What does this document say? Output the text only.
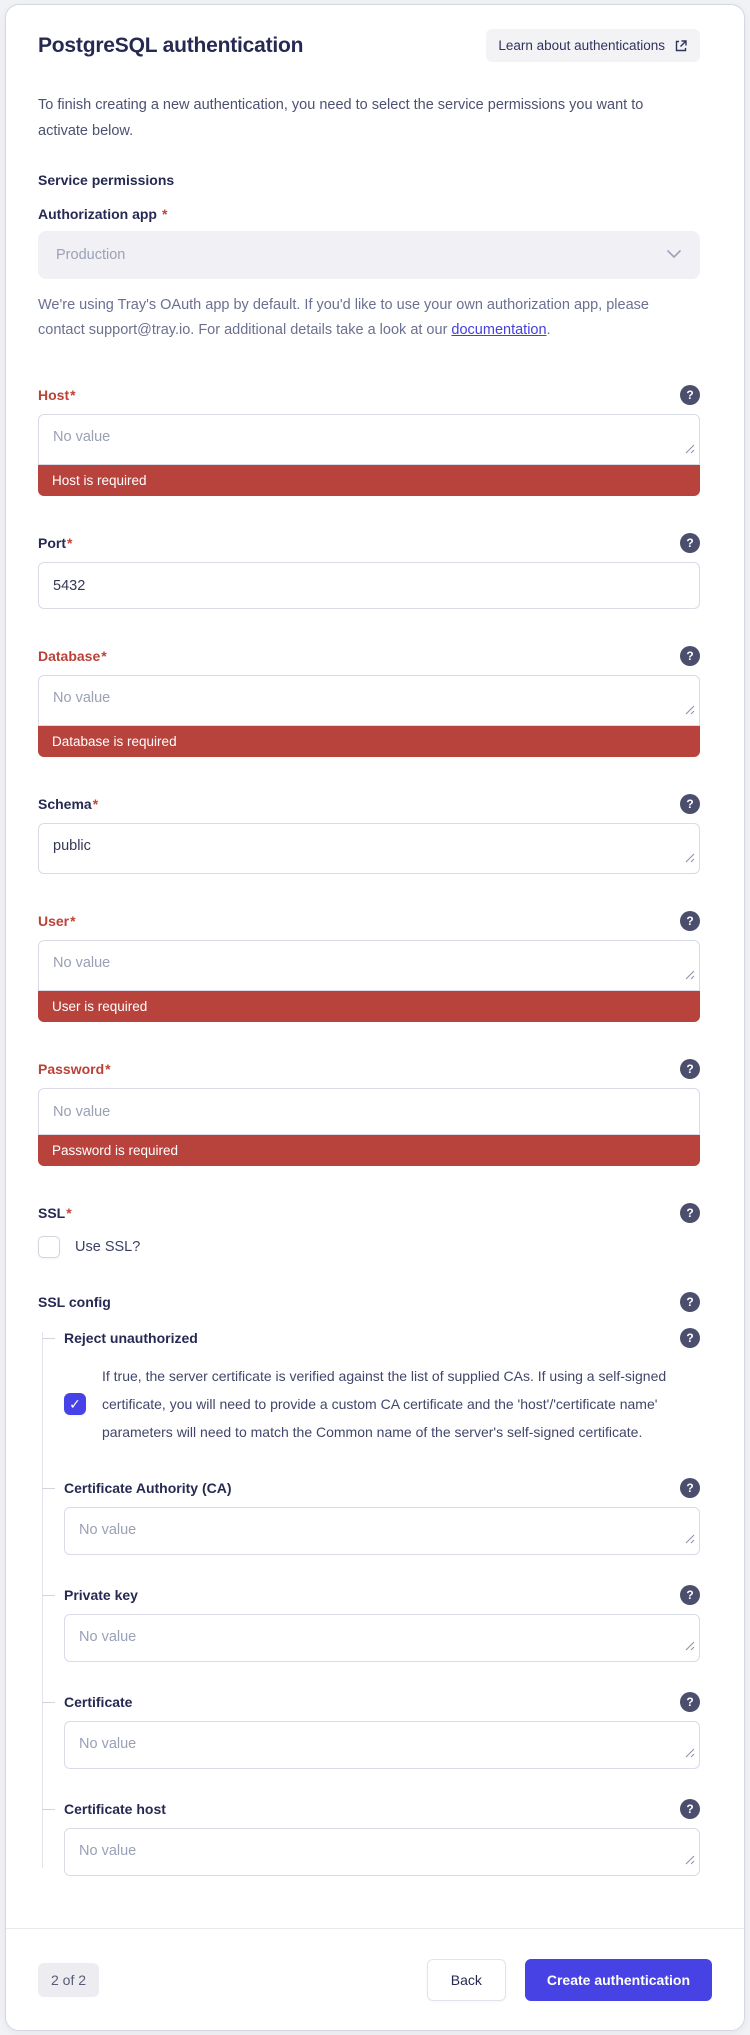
PostgreSQL authentication	Learn about authentications

To finish creating a new authentication, you need to select the service permissions you want to activate below.

Service permissions
Authorization app *
Production

We're using Tray's OAuth app by default. If you'd like to use your own authorization app, please contact support@tray.io. For additional details take a look at our documentation.

Host*	?
No value
Host is required
Port*	?
5432
Database*	?
No value
Database is required
Schema*	?
public
User*	?
No value
User is required
Password*	?
No value
Password is required
SSL*	?
Use SSL?
SSL config	?
Reject unauthorized	?
✓
If true, the server certificate is verified against the list of supplied CAs. If using a self-signed certificate, you will need to provide a custom CA certificate and the 'host'/'certificate name' parameters will need to match the Common name of the server's self-signed certificate.
Certificate Authority (CA)	?
No value
Private key	?
No value
Certificate	?
No value
Certificate host	?
No value
2 of 2	Back	Create authentication
